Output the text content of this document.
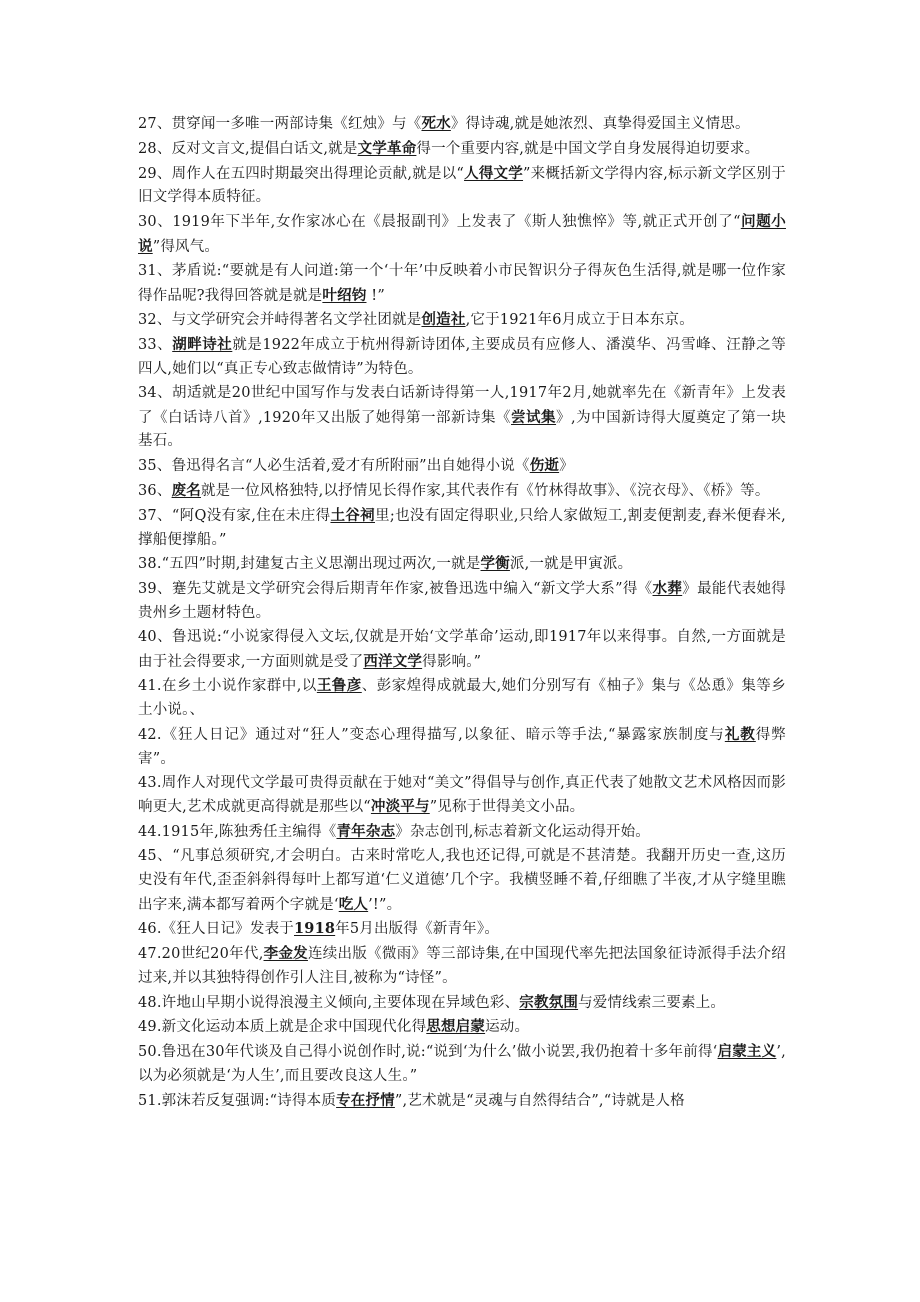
27、贯穿闻一多唯一两部诗集《红烛》与《死水》得诗魂,就是她浓烈、真挚得爱国主义情思。

28、反对文言文,提倡白话文,就是文学革命得一个重要内容,就是中国文学自身发展得迫切要求。

29、周作人在五四时期最突出得理论贡献,就是以“人得文学”来概括新文学得内容,标示新文学区别于旧文学得本质特征。

30、1919年下半年,女作家冰心在《晨报副刊》上发表了《斯人独憔悴》等,就正式开创了“问题小说”得风气。

31、茅盾说:“要就是有人问道:第一个‘十年’中反映着小市民智识分子得灰色生活得,就是哪一位作家得作品呢?我得回答就是就是叶绍钧 !”

32、与文学研究会并峙得著名文学社团就是创造社,它于1921年6月成立于日本东京。

33、湖畔诗社就是1922年成立于杭州得新诗团体,主要成员有应修人、潘漠华、冯雪峰、汪静之等四人,她们以“真正专心致志做情诗”为特色。

34、胡适就是20世纪中国写作与发表白话新诗得第一人,1917年2月,她就率先在《新青年》上发表了《白话诗八首》,1920年又出版了她得第一部新诗集《尝试集》,为中国新诗得大厦奠定了第一块基石。

35、鲁迅得名言“人必生活着,爱才有所附丽”出自她得小说《伤逝》

36、废名就是一位风格独特,以抒情见长得作家,其代表作有《竹林得故事》、《浣衣母》、《桥》等。

37、“阿Q没有家,住在未庄得土谷祠里;也没有固定得职业,只给人家做短工,割麦便割麦,舂米便舂米,撑船便撑船。”

38.“五四”时期,封建复古主义思潮出现过两次,一就是学衡派,一就是甲寅派。

39、蹇先艾就是文学研究会得后期青年作家,被鲁迅选中编入“新文学大系”得《水葬》最能代表她得贵州乡土题材特色。

40、鲁迅说:“小说家得侵入文坛,仅就是开始‘文学革命’运动,即1917年以来得事。自然,一方面就是由于社会得要求,一方面则就是受了西洋文学得影响。”

41.在乡土小说作家群中,以王鲁彦、彭家煌得成就最大,她们分别写有《柚子》集与《怂恿》集等乡土小说。、

42.《狂人日记》通过对“狂人”变态心理得描写,以象征、暗示等手法,“暴露家族制度与礼教得弊害”。

43.周作人对现代文学最可贵得贡献在于她对“美文”得倡导与创作,真正代表了她散文艺术风格因而影响更大,艺术成就更高得就是那些以“冲淡平与”见称于世得美文小品。

44.1915年,陈独秀任主编得《青年杂志》杂志创刊,标志着新文化运动得开始。

45、“凡事总须研究,才会明白。古来时常吃人,我也还记得,可就是不甚清楚。我翻开历史一查,这历史没有年代,歪歪斜斜得每叶上都写道‘仁义道德’几个字。我横竖睡不着,仔细瞧了半夜,才从字缝里瞧出字来,满本都写着两个字就是‘吃人’!”。

46.《狂人日记》发表于1918年5月出版得《新青年》。

47.20世纪20年代,李金发连续出版《微雨》等三部诗集,在中国现代率先把法国象征诗派得手法介绍过来,并以其独特得创作引人注目,被称为“诗怪”。

48.许地山早期小说得浪漫主义倾向,主要体现在异域色彩、宗教氛围与爱情线索三要素上。

49.新文化运动本质上就是企求中国现代化得思想启蒙运动。

50.鲁迅在30年代谈及自己得小说创作时,说:“说到‘为什么’做小说罢,我仍抱着十多年前得‘启蒙主义’,以为必须就是‘为人生’,而且要改良这人生。”

51.郭沫若反复强调:“诗得本质专在抒情”,艺术就是“灵魂与自然得结合”,“诗就是人格
